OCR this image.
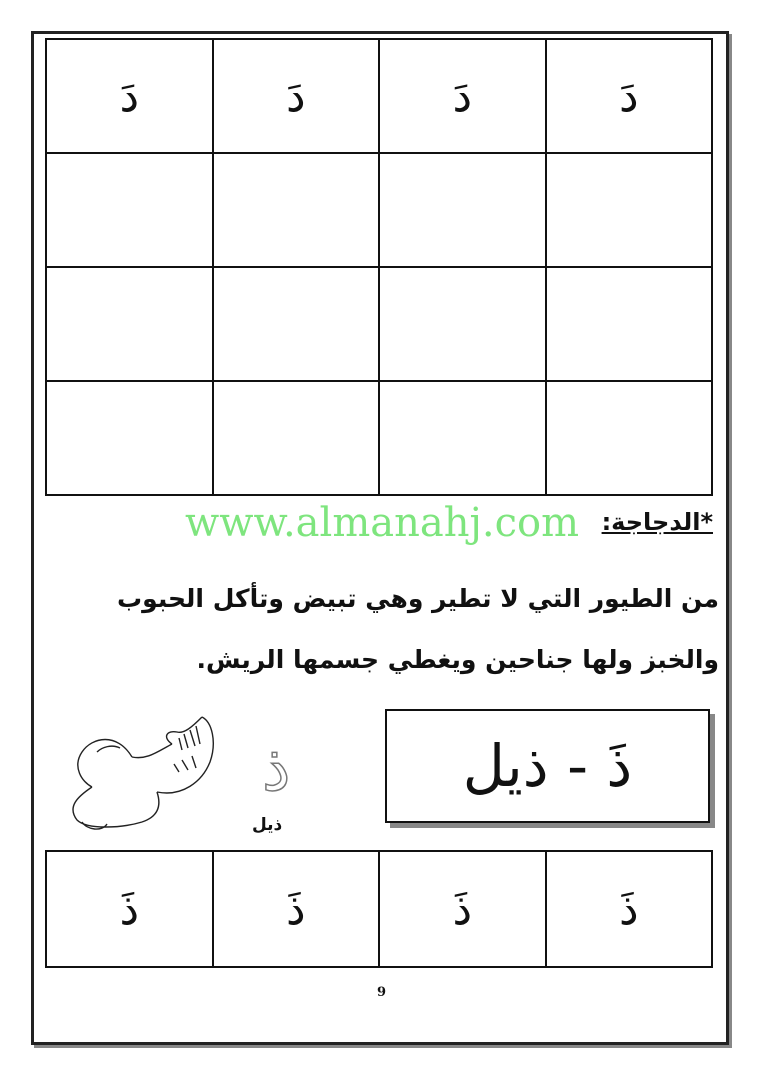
دَ	دَ	دَ	دَ

*الدجاجة:
www.almanahj.com
من الطيور التي لا تطير وهي تبيض وتأكل الحبوب
والخبز ولها جناحين ويغطي جسمها الريش.
ذ
ذيل
ذَ - ذيل
ذَ	ذَ	ذَ	ذَ
9
